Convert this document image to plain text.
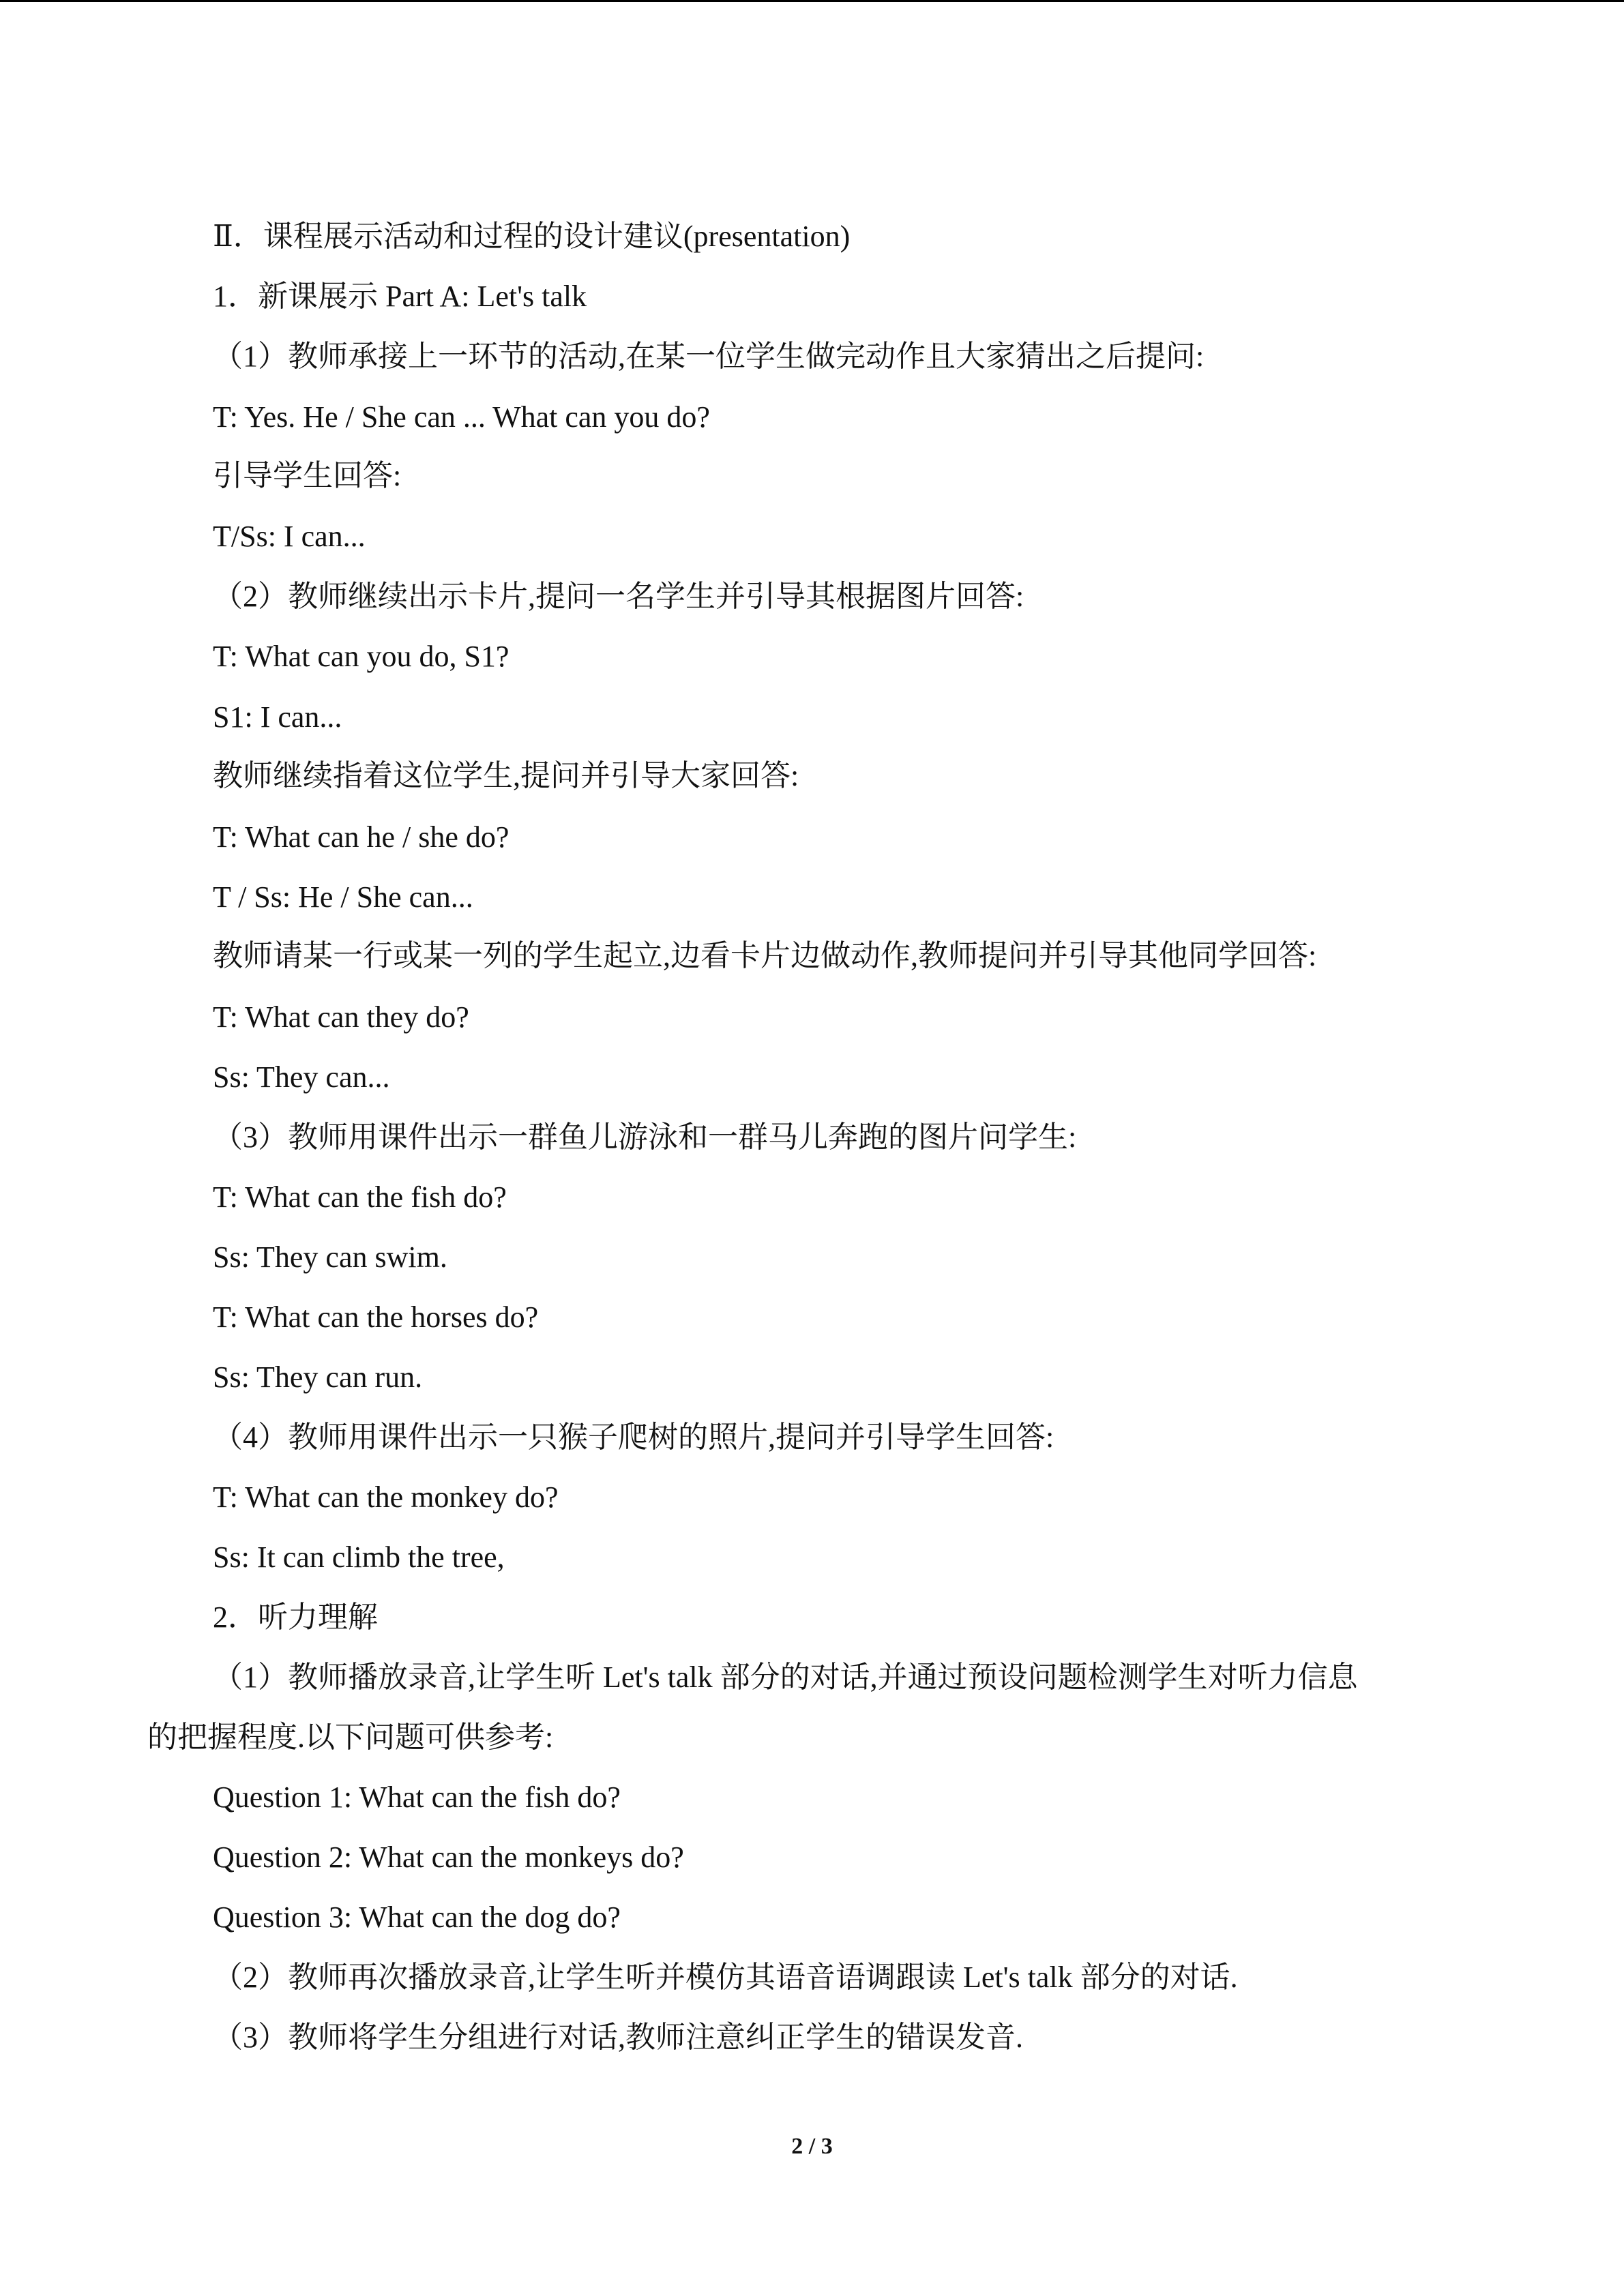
Ⅱ．课程展示活动和过程的设计建议(presentation)
1．新课展示 Part A: Let's talk
（1）教师承接上一环节的活动,在某一位学生做完动作且大家猜出之后提问:
T: Yes. He / She can ... What can you do?
引导学生回答:
T/Ss: I can...
（2）教师继续出示卡片,提问一名学生并引导其根据图片回答:
T: What can you do, S1?
S1: I can...
教师继续指着这位学生,提问并引导大家回答:
T: What can he / she do?
T / Ss: He / She can...
教师请某一行或某一列的学生起立,边看卡片边做动作,教师提问并引导其他同学回答:
T: What can they do?
Ss: They can...
（3）教师用课件出示一群鱼儿游泳和一群马儿奔跑的图片问学生:
T: What can the fish do?
Ss: They can swim.
T: What can the horses do?
Ss: They can run.
（4）教师用课件出示一只猴子爬树的照片,提问并引导学生回答:
T: What can the monkey do?
Ss: It can climb the tree,
2．听力理解
（1）教师播放录音,让学生听 Let's talk 部分的对话,并通过预设问题检测学生对听力信息
的把握程度.以下问题可供参考:
Question 1: What can the fish do?
Question 2: What can the monkeys do?
Question 3: What can the dog do?
（2）教师再次播放录音,让学生听并模仿其语音语调跟读 Let's talk 部分的对话.
（3）教师将学生分组进行对话,教师注意纠正学生的错误发音.
2 / 3
